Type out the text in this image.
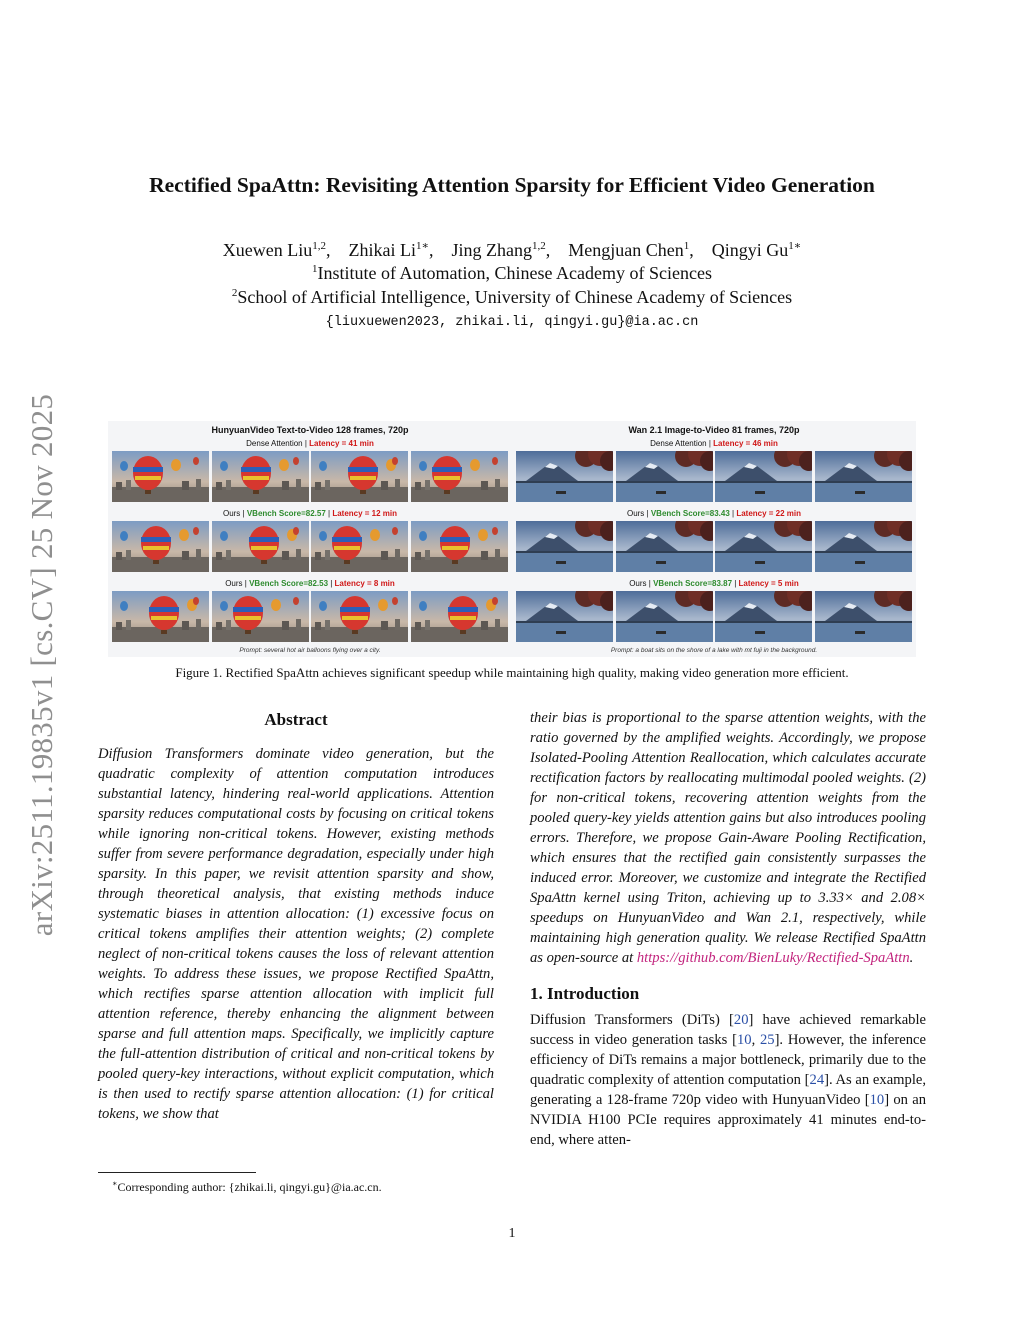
arXiv:2511.19835v1 [cs.CV] 25 Nov 2025
Rectified SpaAttn: Revisiting Attention Sparsity for Efficient Video Generation
Xuewen Liu$^{1,2}$,    Zhikai $Li^{1∗}$,    Jing Zhang$^{1,2}$,    Mengjuan Chen$^1$,    Qingyi $Gu^{1∗}$
$^1$Institute of Automation, Chinese Academy of Sciences
$^2$School of Artificial Intelligence, University of Chinese Academy of Sciences
{liuxuewen2023, zhikai.li, qingyi.gu}@ia.ac.cn
HunyuanVideo Text-to-Video 128 frames, 720p
Dense Attention | Latency = 41 min
Ours | VBench Score=82.57 | Latency = 12 min
Ours | VBench Score=82.53 | Latency = 8 min
Prompt: several hot air balloons flying over a city.
Wan 2.1 Image-to-Video 81 frames, 720p
Dense Attention | Latency = 46 min
Ours | VBench Score=83.43 | Latency = 22 min
Ours | VBench Score=83.87 | Latency = 5 min
Prompt: a boat sits on the shore of a lake with mt fuji in the background.
Figure 1. Rectified SpaAttn achieves significant speedup while maintaining high quality, making video generation more efficient.
Abstract

Diffusion Transformers dominate video generation, but the quadratic complexity of attention computation introduces substantial latency, hindering real-world applications. Attention sparsity reduces computational costs by focusing on critical tokens while ignoring non-critical tokens. However, existing methods suffer from severe performance degradation, especially under high sparsity. In this paper, we revisit attention sparsity and show, through theoretical analysis, that existing methods induce systematic biases in attention allocation: (1) excessive focus on critical tokens amplifies their attention weights; (2) complete neglect of non-critical tokens causes the loss of relevant attention weights. To address these issues, we propose Rectified SpaAttn, which rectifies sparse attention allocation with implicit full attention reference, thereby enhancing the alignment between sparse and full attention maps. Specifically, we implicitly capture the full-attention distribution of critical and non-critical tokens by pooled query-key interactions, without explicit computation, which is then used to rectify sparse attention allocation: (1) for critical tokens, we show that

their bias is proportional to the sparse attention weights, with the ratio governed by the amplified weights. Accordingly, we propose Isolated-Pooling Attention Reallocation, which calculates accurate rectification factors by reallocating multimodal pooled weights. (2) for non-critical tokens, recovering attention weights from the pooled query-key yields attention gains but also introduces pooling errors. Therefore, we propose Gain-Aware Pooling Rectification, which ensures that the rectified gain consistently surpasses the induced error. Moreover, we customize and integrate the Rectified SpaAttn kernel using Triton, achieving up to 3.33× and 2.08× speedups on HunyuanVideo and Wan 2.1, respectively, while maintaining high generation quality. We release Rectified SpaAttn as open-source at https://github.com/BienLuky/Rectified-SpaAttn.

1. Introduction

Diffusion Transformers (DiTs) [20] have achieved remarkable success in video generation tasks [10, 25]. However, the inference efficiency of DiTs remains a major bottleneck, primarily due to the quadratic complexity of attention computation [24]. As an example, generating a 128-frame 720p video with HunyuanVideo [10] on an NVIDIA H100 PCIe requires approximately 41 minutes end-to-end, where atten-

∗Corresponding author: {zhikai.li, qingyi.gu}@ia.ac.cn.
1
